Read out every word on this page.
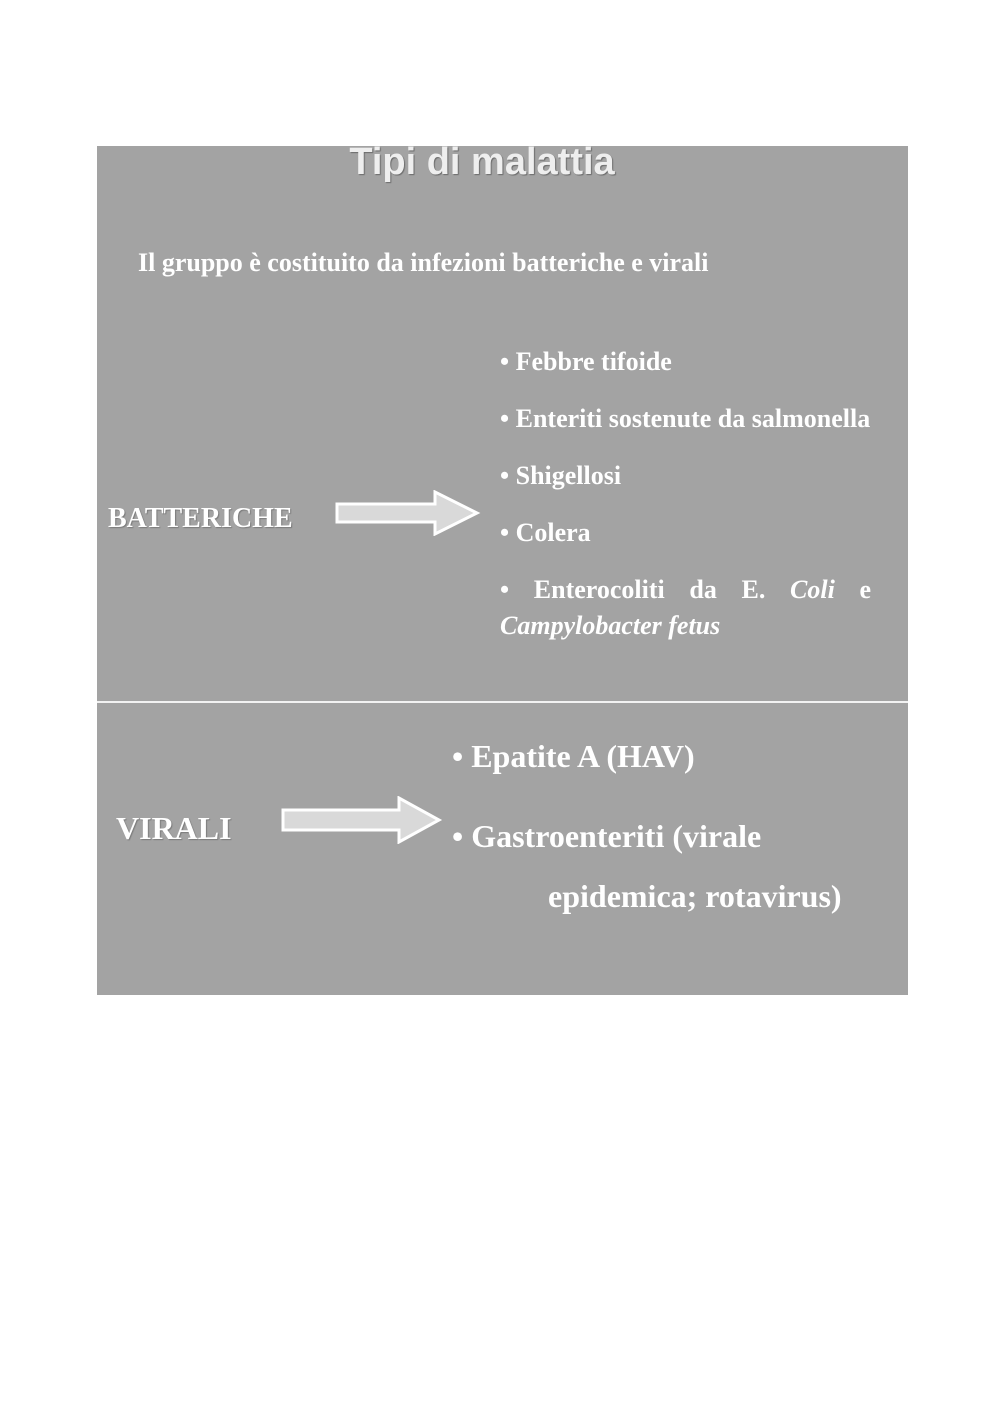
Tipi di malattia
Il gruppo è costituito da infezioni batteriche e virali
BATTERICHE
• Febbre tifoide
• Enteriti sostenute da salmonella
• Shigellosi
• Colera
• Enterocoliti da E. Coli e Campylobacter fetus
VIRALI
• Epatite A (HAV)
• Gastroenteriti (virale
epidemica; rotavirus)
